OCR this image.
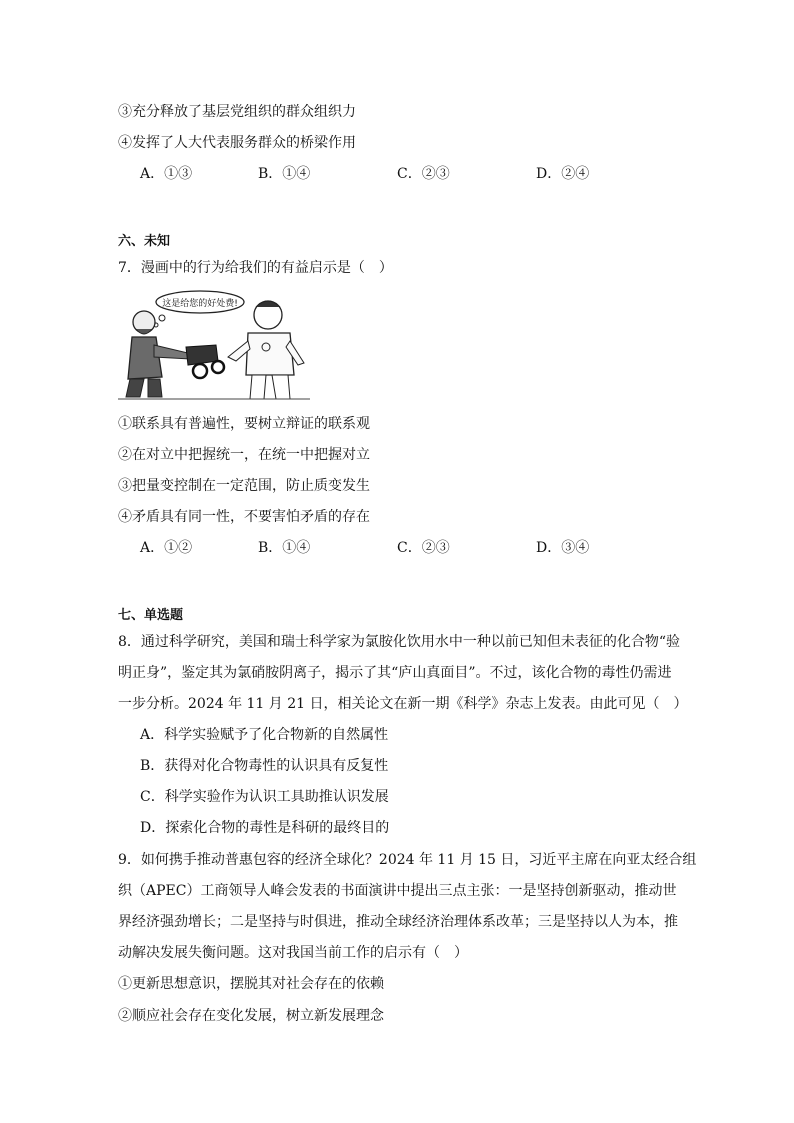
③充分释放了基层党组织的群众组织力
④发挥了人大代表服务群众的桥梁作用
A．①③	B．①④	C．②③	D．②④
六、未知
7．漫画中的行为给我们的有益启示是（　）
这是给您的好处费!
①联系具有普遍性，要树立辩证的联系观
②在对立中把握统一，在统一中把握对立
③把量变控制在一定范围，防止质变发生
④矛盾具有同一性，不要害怕矛盾的存在
A．①②	B．①④	C．②③	D．③④
七、单选题
8．通过科学研究，美国和瑞士科学家为氯胺化饮用水中一种以前已知但未表征的化合物“验
明正身”，鉴定其为氯硝胺阴离子，揭示了其“庐山真面目”。不过，该化合物的毒性仍需进
一步分析。2024 年 11 月 21 日，相关论文在新一期《科学》杂志上发表。由此可见（　）
A．科学实验赋予了化合物新的自然属性
B．获得对化合物毒性的认识具有反复性
C．科学实验作为认识工具助推认识发展
D．探索化合物的毒性是科研的最终目的
9．如何携手推动普惠包容的经济全球化？2024 年 11 月 15 日，习近平主席在向亚太经合组
织（APEC）工商领导人峰会发表的书面演讲中提出三点主张：一是坚持创新驱动，推动世
界经济强劲增长；二是坚持与时俱进，推动全球经济治理体系改革；三是坚持以人为本，推
动解决发展失衡问题。这对我国当前工作的启示有（　）
①更新思想意识，摆脱其对社会存在的依赖
②顺应社会存在变化发展，树立新发展理念
